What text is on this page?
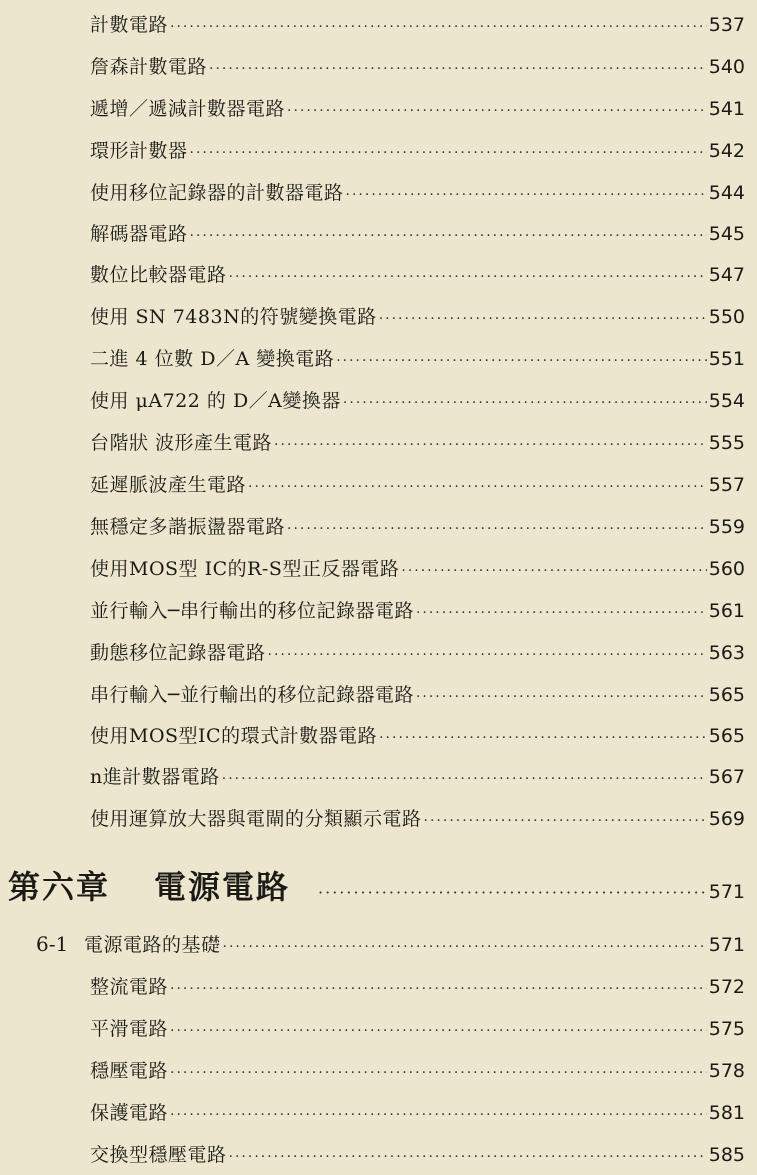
計數電路 ·····	537
詹森計數電路 ·····	540
遞增／遞減計數器電路 ·····	541
環形計數器 ·····	542
使用移位記錄器的計數器電路 ·····	544
解碼器電路 ·····	545
數位比較器電路 ·····	547
使用 SN 7483N的符號變換電路 ·····	550
二進 4 位數 D／A 變換電路 ·····	551
使用 μA722 的 D／A變換器 ·····	554
台階狀 波形產生電路 ·····	555
延遲脈波產生電路 ·····	557
無穩定多諧振盪器電路 ·····	559
使用MOS型 IC的R-S型正反器電路 ·····	560
並行輸入─串行輸出的移位記錄器電路 ·····	561
動態移位記錄器電路 ·····	563
串行輸入─並行輸出的移位記錄器電路 ·····	565
使用MOS型IC的環式計數器電路 ·····	565
n進計數器電路 ·····	567
使用運算放大器與電閘的分類顯示電路 ·····	569
第六章 電源電路 ·····	571
6-1 電源電路的基礎 ·····	571
整流電路 ·····	572
平滑電路 ·····	575
穩壓電路 ·····	578
保護電路 ·····	581
交換型穩壓電路 ·····	585
